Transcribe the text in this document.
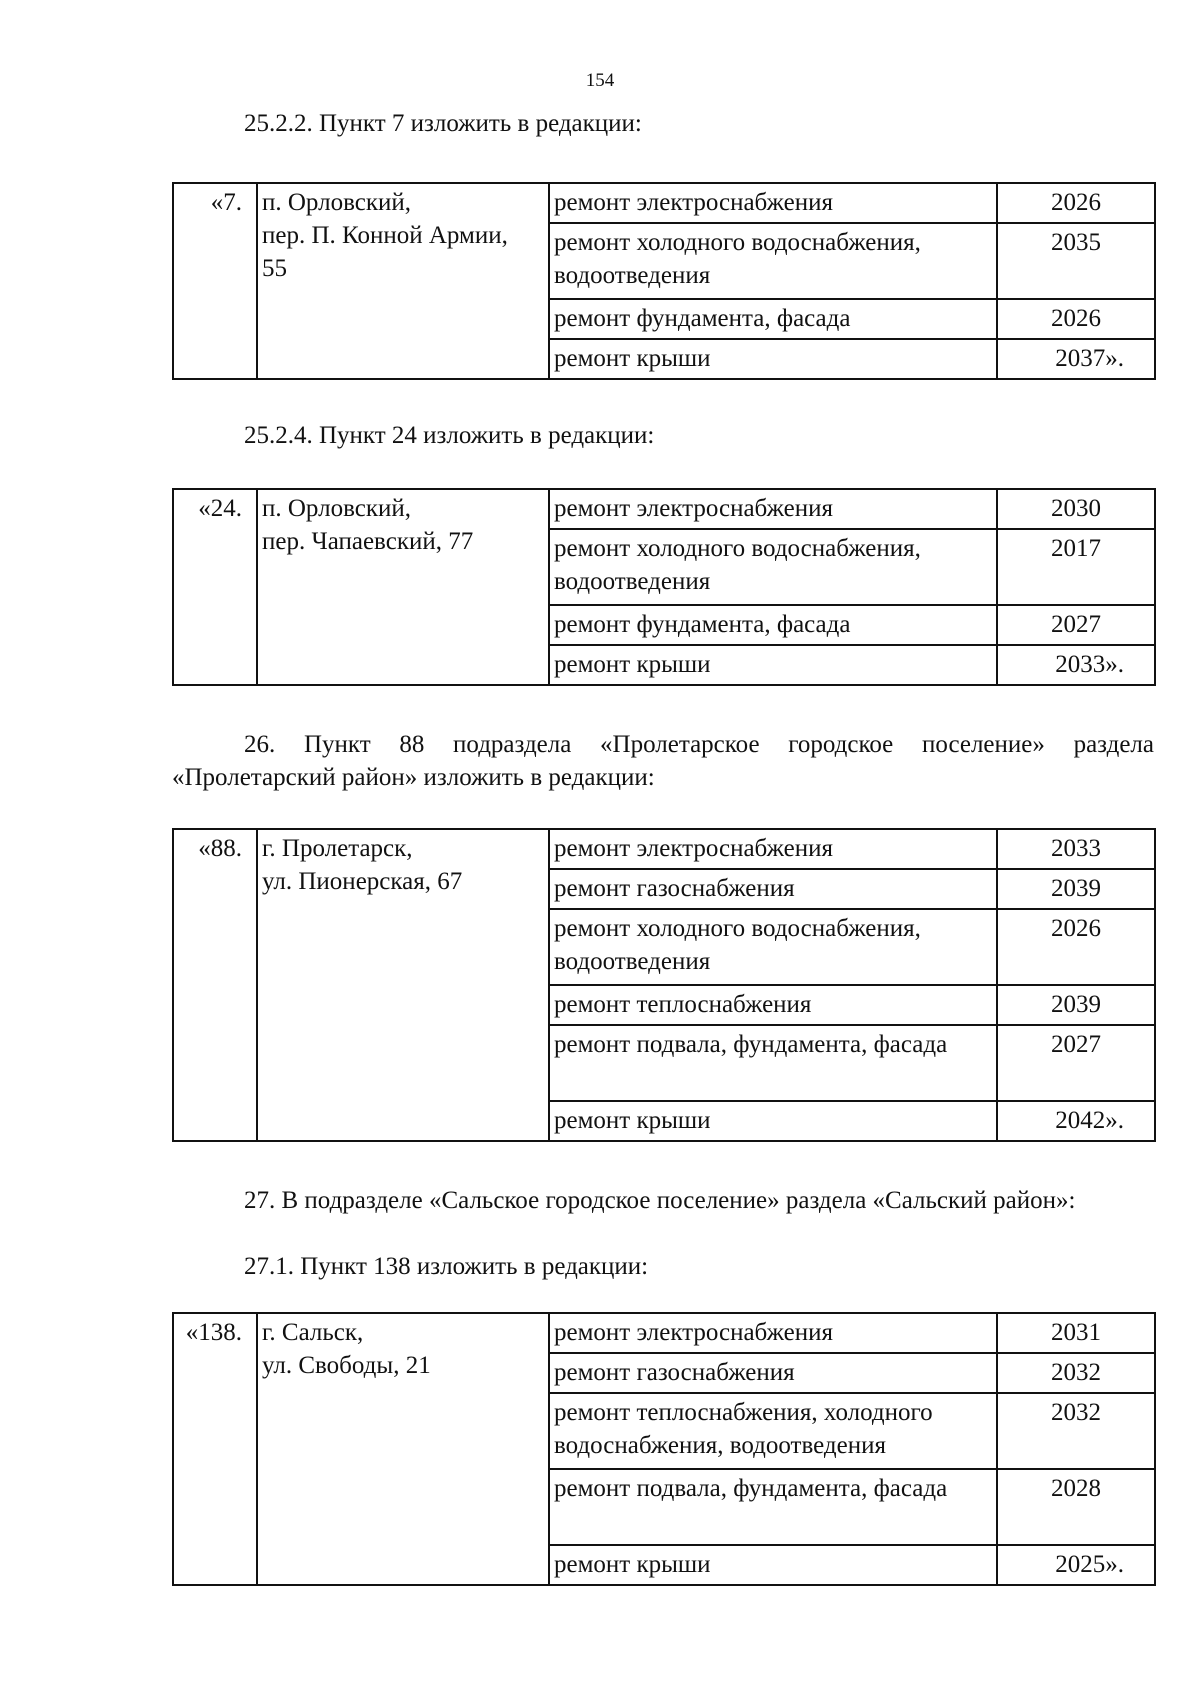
154
25.2.2. Пункт 7 изложить в редакции:
«7.	п. Орловский,
пер. П. Конной Армии,
55	ремонт электроснабжения	2026
		ремонт холодного водоснабжения, водоотведения	2035
		ремонт фундамента, фасада	2026
		ремонт крыши	2037».
25.2.4. Пункт 24 изложить в редакции:
«24.	п. Орловский,
пер. Чапаевский, 77	ремонт электроснабжения	2030
		ремонт холодного водоснабжения, водоотведения	2017
		ремонт фундамента, фасада	2027
		ремонт крыши	2033».
26. Пункт 88 подраздела «Пролетарское городское поселение» раздела «Пролетарский район» изложить в редакции:
«88.	г. Пролетарск,
ул. Пионерская, 67	ремонт электроснабжения	2033
		ремонт газоснабжения	2039
		ремонт холодного водоснабжения, водоотведения	2026
		ремонт теплоснабжения	2039
		ремонт подвала, фундамента, фасада	2027
		ремонт крыши	2042».
27. В подразделе «Сальское городское поселение» раздела «Сальский район»:
27.1. Пункт 138 изложить в редакции:
«138.	г. Сальск,
ул. Свободы, 21	ремонт электроснабжения	2031
		ремонт газоснабжения	2032
		ремонт теплоснабжения, холодного водоснабжения, водоотведения	2032
		ремонт подвала, фундамента, фасада	2028
		ремонт крыши	2025».
